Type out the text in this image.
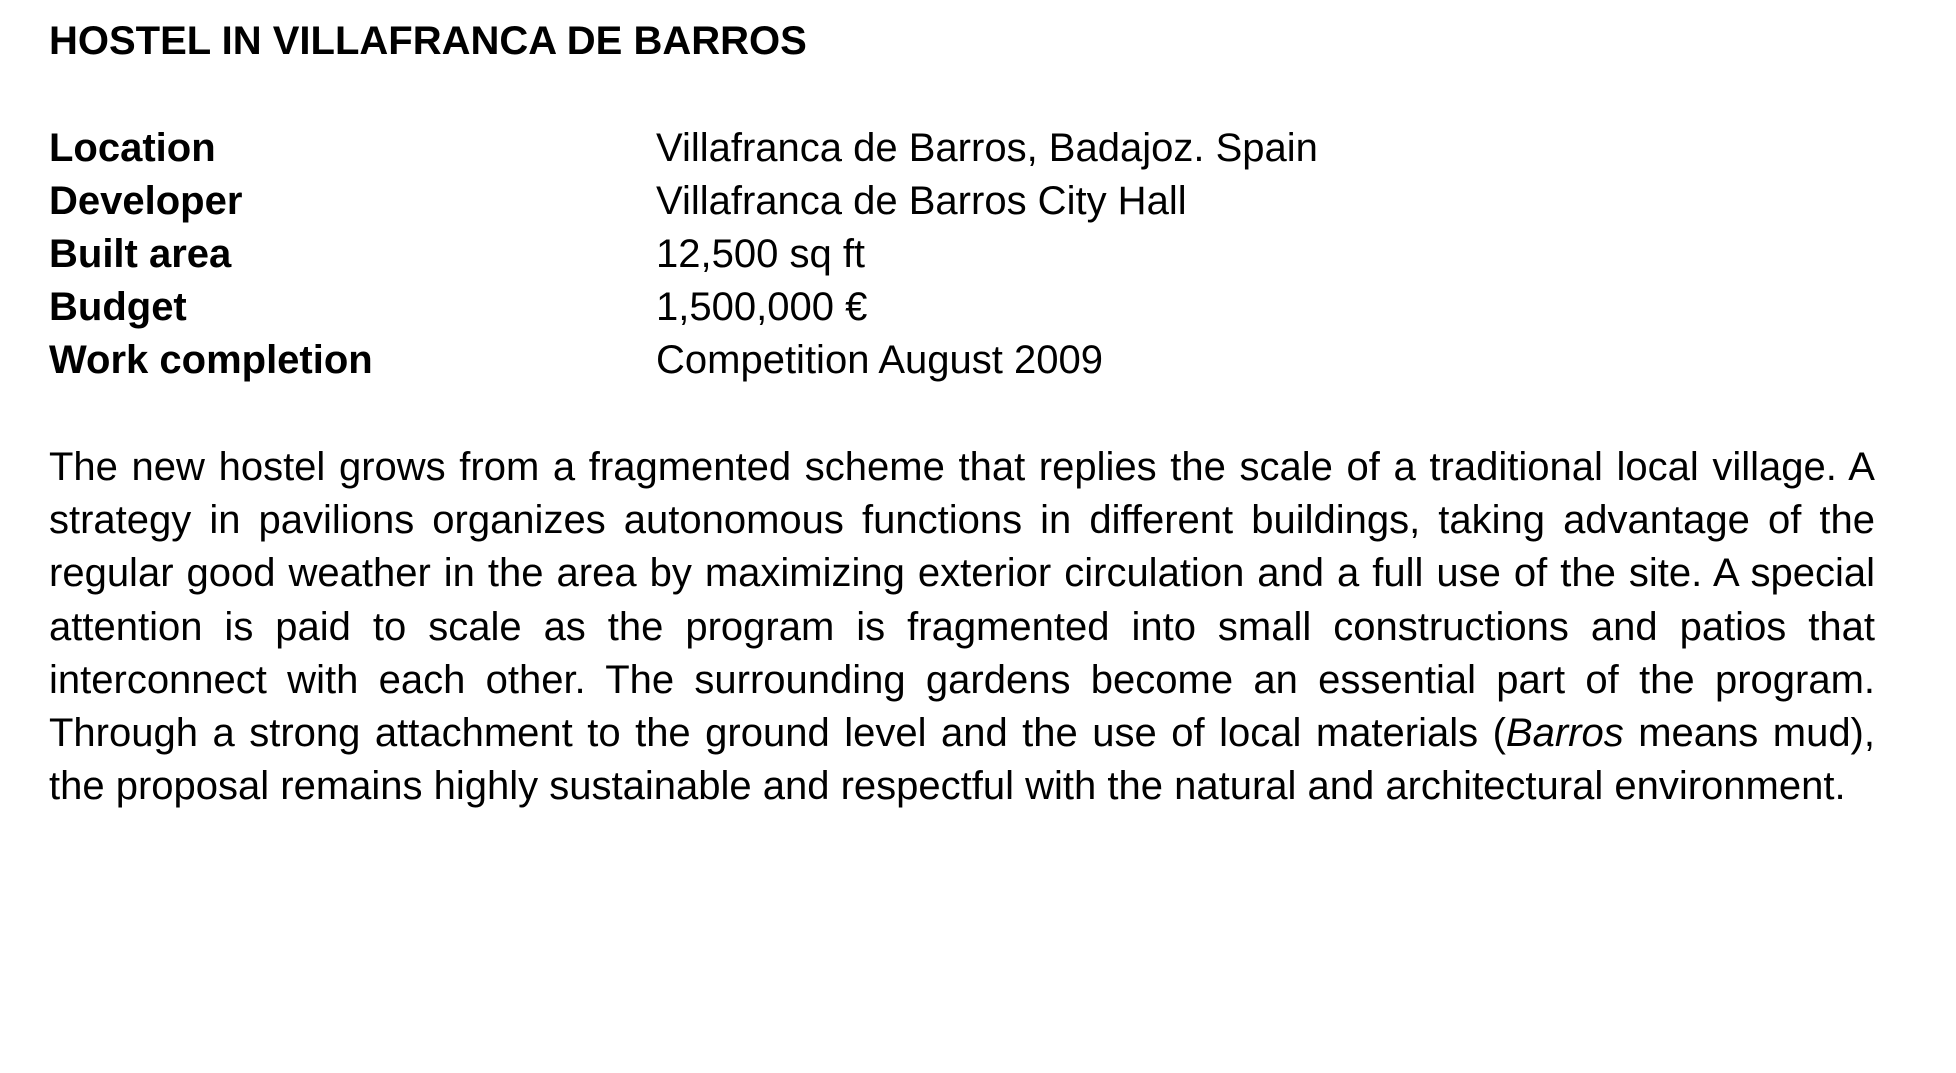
HOSTEL IN VILLAFRANCA DE BARROS
Location	Villafranca de Barros, Badajoz. Spain
Developer	Villafranca de Barros City Hall
Built area	12,500 sq ft
Budget	1,500,000 €
Work completion	Competition August 2009

The new hostel grows from a fragmented scheme that replies the scale of a traditional local village. A strategy in pavilions organizes autonomous functions in different buildings, taking advantage of the regular good weather in the area by maximizing exterior circulation and a full use of the site. A special attention is paid to scale as the program is fragmented into small constructions and patios that interconnect with each other. The surrounding gardens become an essential part of the program. Through a strong attachment to the ground level and the use of local materials (Barros means mud), the proposal remains highly sustainable and respectful with the natural and architectural environment.
